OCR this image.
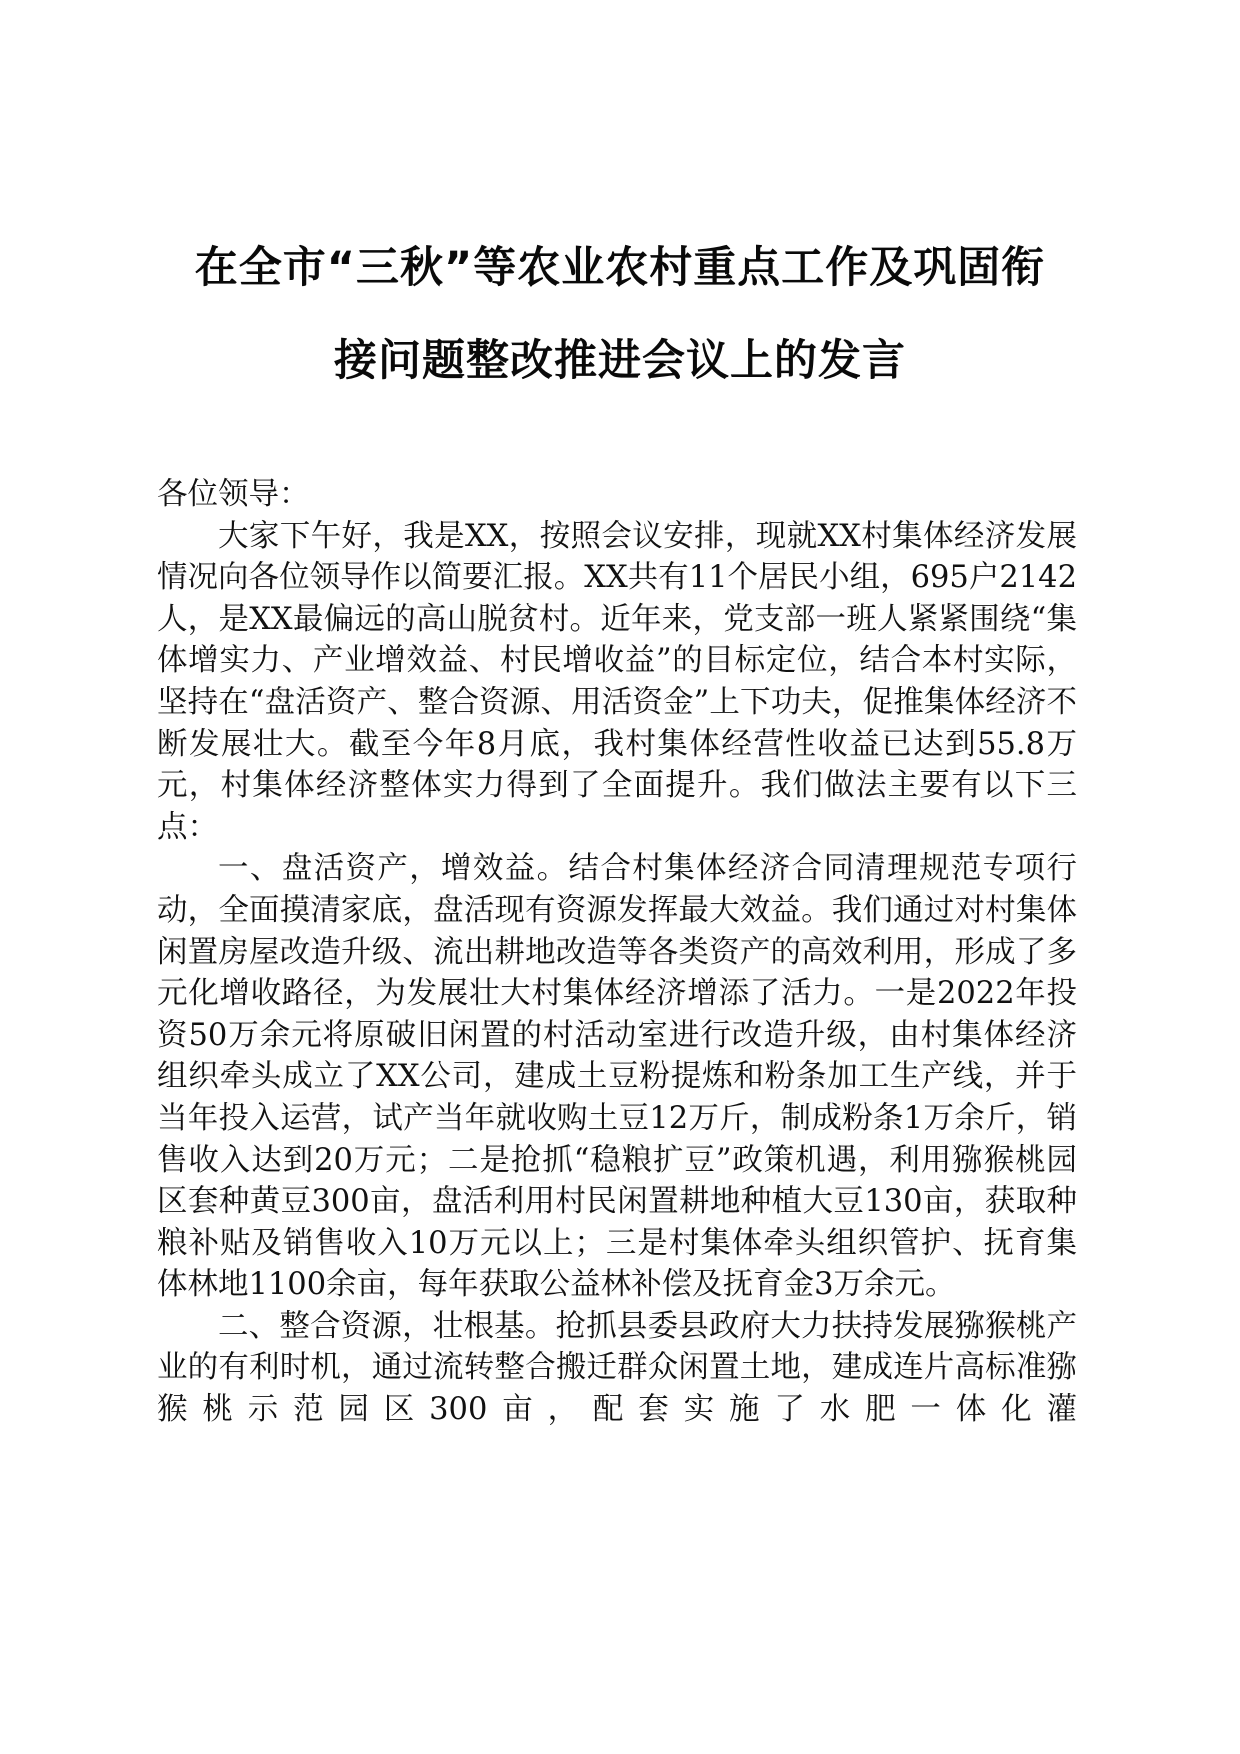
在全市“三秋”等农业农村重点工作及巩固衔
接问题整改推进会议上的发言

各位领导：

大家下午好，我是XX，按照会议安排，现就XX村集体经济发展情况向各位领导作以简要汇报。XX共有11个居民小组，695户2142人，是XX最偏远的高山脱贫村。近年来，党支部一班人紧紧围绕“集体增实力、产业增效益、村民增收益”的目标定位，结合本村实际，坚持在“盘活资产、整合资源、用活资金”上下功夫，促推集体经济不断发展壮大。截至今年8月底，我村集体经营性收益已达到55.8万元，村集体经济整体实力得到了全面提升。我们做法主要有以下三点：

一、盘活资产，增效益。结合村集体经济合同清理规范专项行动，全面摸清家底，盘活现有资源发挥最大效益。我们通过对村集体闲置房屋改造升级、流出耕地改造等各类资产的高效利用，形成了多元化增收路径，为发展壮大村集体经济增添了活力。一是2022年投资50万余元将原破旧闲置的村活动室进行改造升级，由村集体经济组织牵头成立了XX公司，建成土豆粉提炼和粉条加工生产线，并于当年投入运营，试产当年就收购土豆12万斤，制成粉条1万余斤，销售收入达到20万元；二是抢抓“稳粮扩豆”政策机遇，利用猕猴桃园区套种黄豆300亩，盘活利用村民闲置耕地种植大豆130亩，获取种粮补贴及销售收入10万元以上；三是村集体牵头组织管护、抚育集体林地1100余亩，每年获取公益林补偿及抚育金3万余元。

二、整合资源，壮根基。抢抓县委县政府大力扶持发展猕猴桃产业的有利时机，通过流转整合搬迁群众闲置土地，建成连片高标准猕猴桃示范园区300亩，配套实施了水肥一体化灌
